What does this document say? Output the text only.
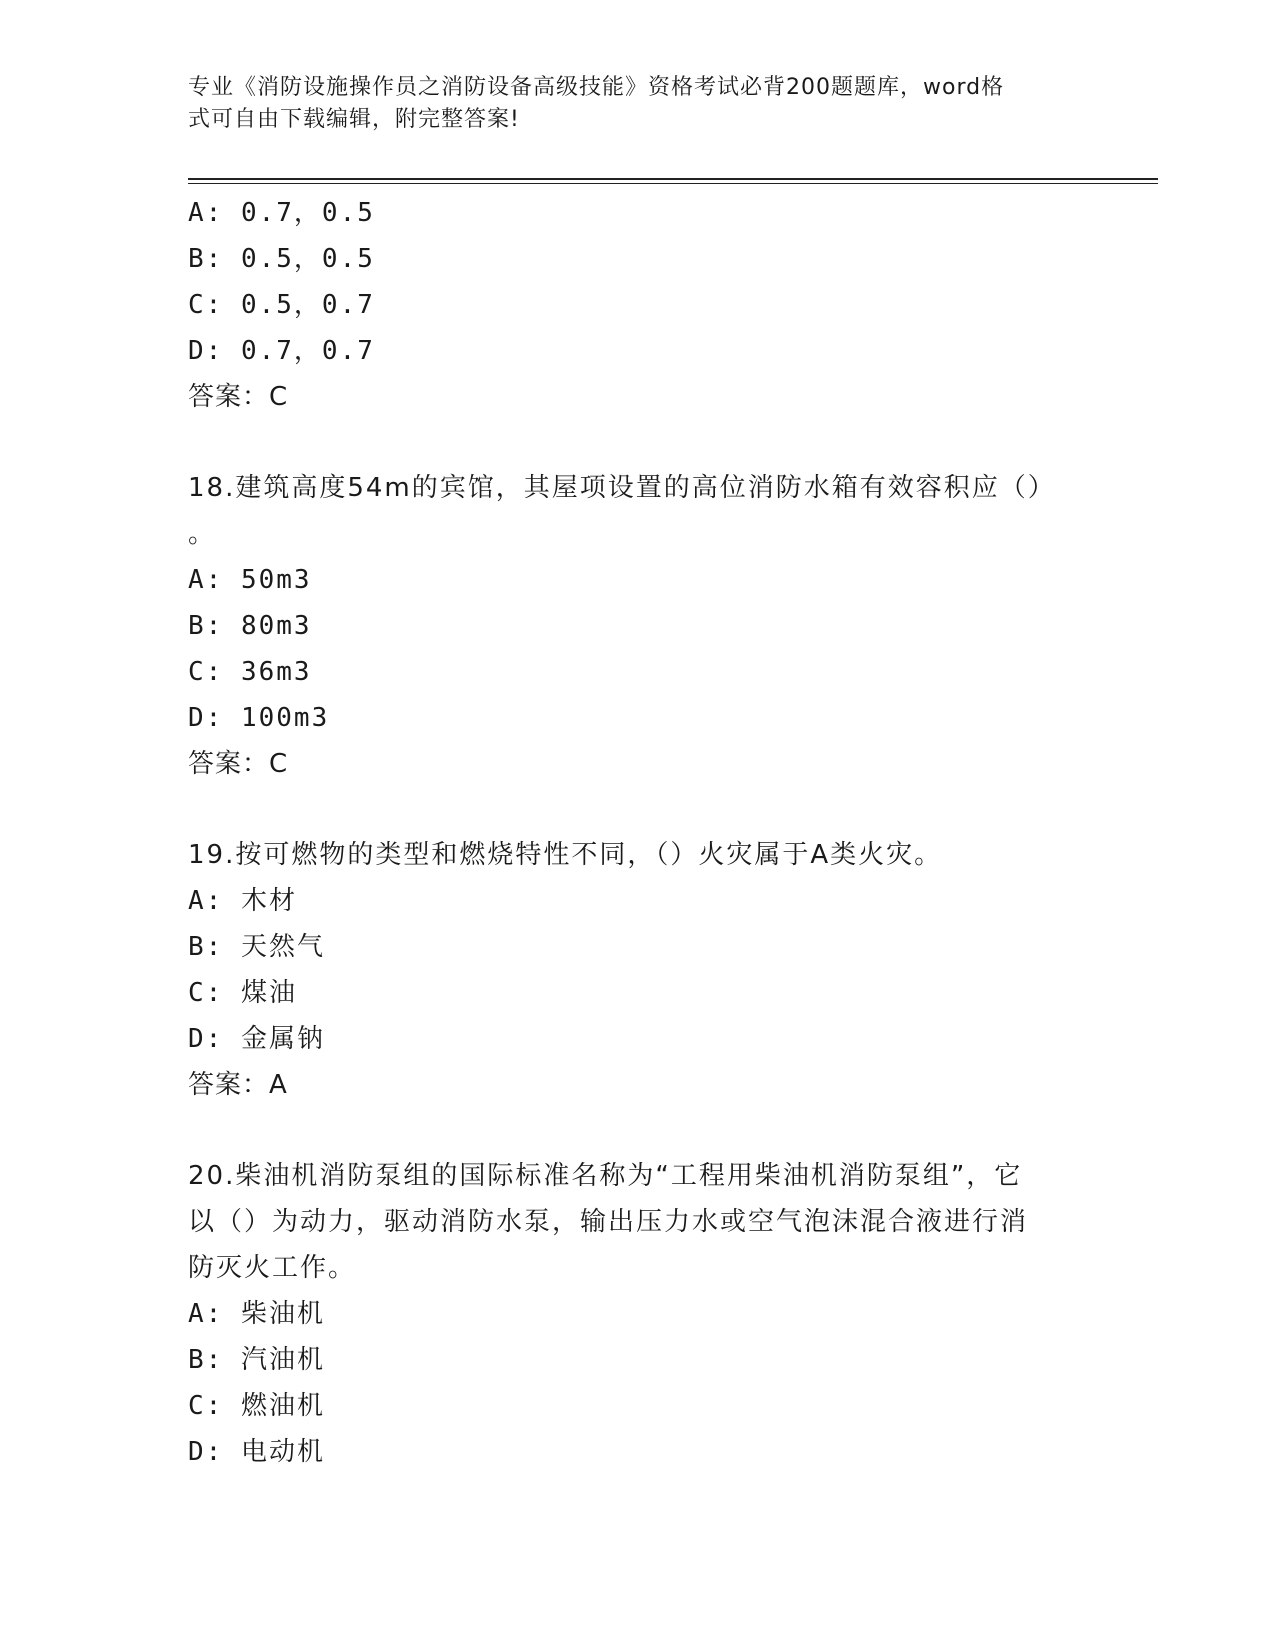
专业《消防设施操作员之消防设备高级技能》资格考试必背200题题库，word格
式可自由下载编辑，附完整答案!
A: 0.7，0.5
B: 0.5，0.5
C: 0.5，0.7
D: 0.7，0.7
答案：C
18.建筑高度54m的宾馆，其屋项设置的高位消防水箱有效容积应（）
。
A: 50m3
B: 80m3
C: 36m3
D: 100m3
答案：C
19.按可燃物的类型和燃烧特性不同，（）火灾属于A类火灾。
A: 木材
B: 天然气
C: 煤油
D: 金属钠
答案：A
20.柴油机消防泵组的国际标准名称为“工程用柴油机消防泵组”，它
以（）为动力，驱动消防水泵，输出压力水或空气泡沫混合液进行消
防灭火工作。
A: 柴油机
B: 汽油机
C: 燃油机
D: 电动机
